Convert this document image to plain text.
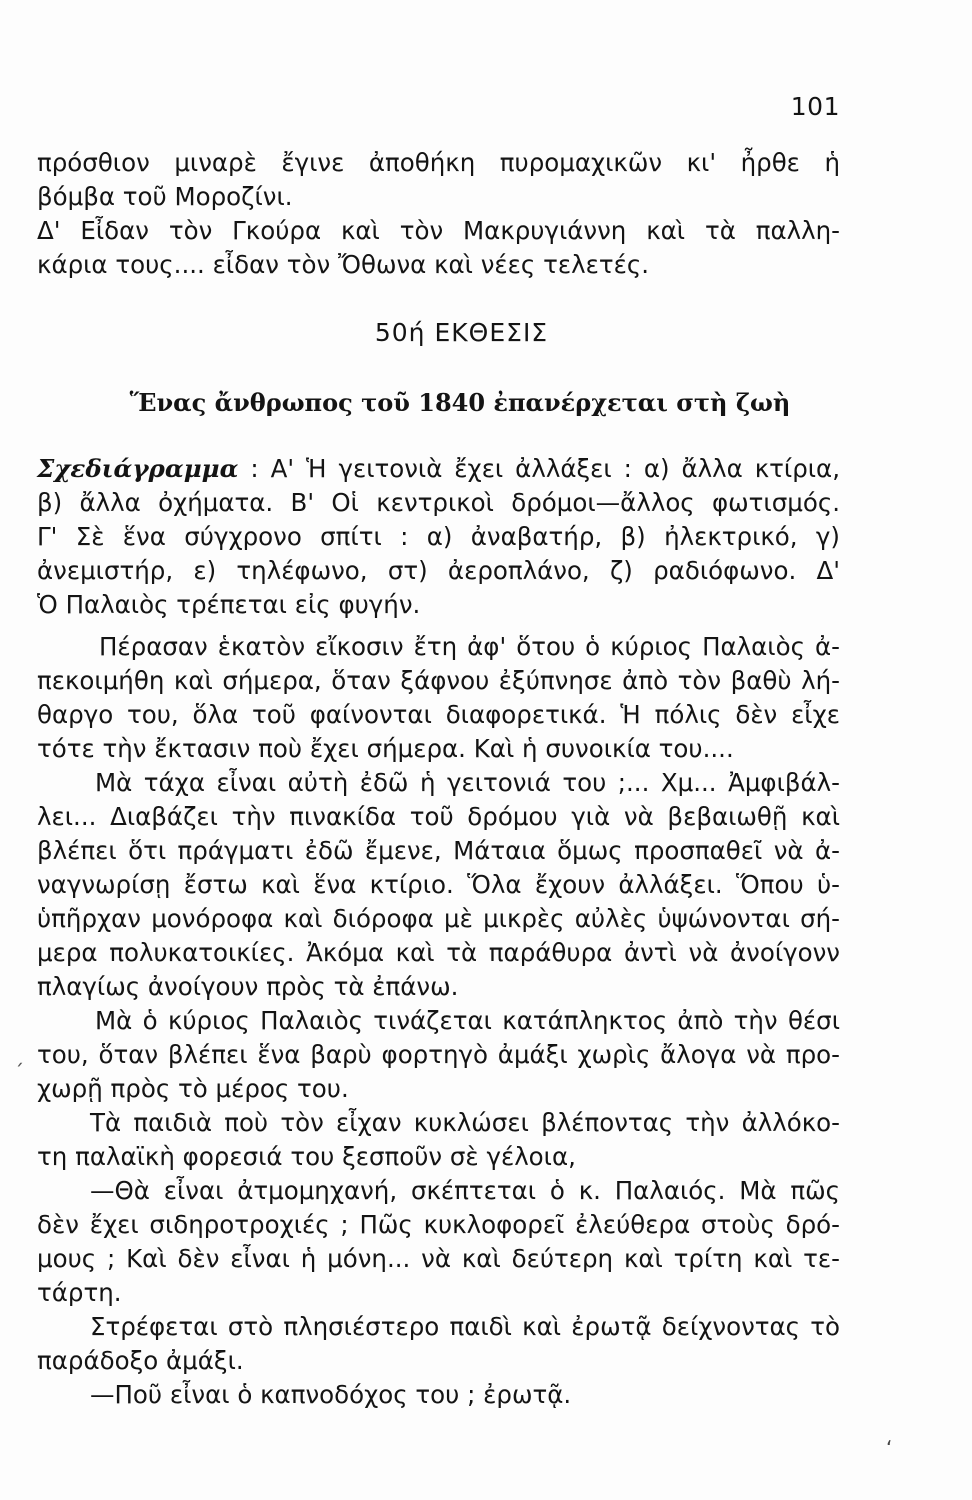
101
πρόσθιον μιναρὲ ἔγινε ἀποθήκη πυρομαχικῶν κι' ἦρθε ἡ
βόμβα τοῦ Μοροζίνι.
Δ' Εἶδαν τὸν Γκούρα καὶ τὸν Μακρυγιάννη καὶ τὰ παλλη-
κάρια τους.... εἶδαν τὸν Ὄθωνα καὶ νέες τελετές.
50ή ΕΚΘΕΣΙΣ
Ἕνας ἄνθρωπος τοῦ 1840 ἐπανέρχεται στὴ ζωὴ
Σχεδιάγραμμα : Α' Ἡ γειτονιὰ ἔχει ἀλλάξει : α) ἄλλα κτίρια,
β) ἄλλα ὀχήματα. Β' Οἱ κεντρικοὶ δρόμοι—ἄλλος φωτισμός.
Γ' Σὲ ἕνα σύγχρονο σπίτι : α) ἀναβατήρ, β) ἠλεκτρικό, γ)
ἀνεμιστήρ, ε) τηλέφωνο, στ) ἀεροπλάνο, ζ) ραδιόφωνο. Δ'
Ὁ Παλαιὸς τρέπεται εἰς φυγήν.
Πέρασαν ἑκατὸν εἴκοσιν ἔτη ἀφ' ὅτου ὁ κύριος Παλαιὸς ἀ-
πεκοιμήθη καὶ σήμερα, ὅταν ξάφνου ἐξύπνησε ἀπὸ τὸν βαθὺ λή-
θαργο του, ὅλα τοῦ φαίνονται διαφορετικά. Ἡ πόλις δὲν εἶχε
τότε τὴν ἔκτασιν ποὺ ἔχει σήμερα. Καὶ ἡ συνοικία του....
Μὰ τάχα εἶναι αὐτὴ ἐδῶ ἡ γειτονιά του ;... Χμ... Ἀμφιβάλ-
λει... Διαβάζει τὴν πινακίδα τοῦ δρόμου γιὰ νὰ βεβαιωθῇ καὶ
βλέπει ὅτι πράγματι ἐδῶ ἔμενε, Μάταια ὅμως προσπαθεῖ νὰ ἀ-
ναγνωρίσῃ ἔστω καὶ ἕνα κτίριο. Ὅλα ἔχουν ἀλλάξει. Ὅπου ὑ-
ὑπῆρχαν μονόροφα καὶ διόροφα μὲ μικρὲς αὐλὲς ὑψώνονται σή-
μερα πολυκατοικίες. Ἀκόμα καὶ τὰ παράθυρα ἀντὶ νὰ ἀνοίγονν
πλαγίως ἀνοίγουν πρὸς τὰ ἐπάνω.
Μὰ ὁ κύριος Παλαιὸς τινάζεται κατάπληκτος ἀπὸ τὴν θέσι
του, ὅταν βλέπει ἕνα βαρὺ φορτηγὸ ἀμάξι χωρὶς ἄλογα νὰ προ-
χωρῇ πρὸς τὸ μέρος του.
Τὰ παιδιὰ ποὺ τὸν εἶχαν κυκλώσει βλέποντας τὴν ἀλλόκο-
τη παλαϊκὴ φορεσιά του ξεσποῦν σὲ γέλοια,
—Θὰ εἶναι ἀτμομηχανή, σκέπτεται ὁ κ. Παλαιός. Μὰ πῶς
δὲν ἔχει σιδηροτροχιές ; Πῶς κυκλοφορεῖ ἐλεύθερα στοὺς δρό-
μους ; Καὶ δὲν εἶναι ἡ μόνη... νὰ καὶ δεύτερη καὶ τρίτη καὶ τε-
τάρτη.
Στρέφεται στὸ πλησιέστερο παιδὶ καὶ ἐρωτᾷ δείχνοντας τὸ
παράδοξο ἀμάξι.
—Ποῦ εἶναι ὁ καπνοδόχος του ; ἐρωτᾷ.
´
ʻ
